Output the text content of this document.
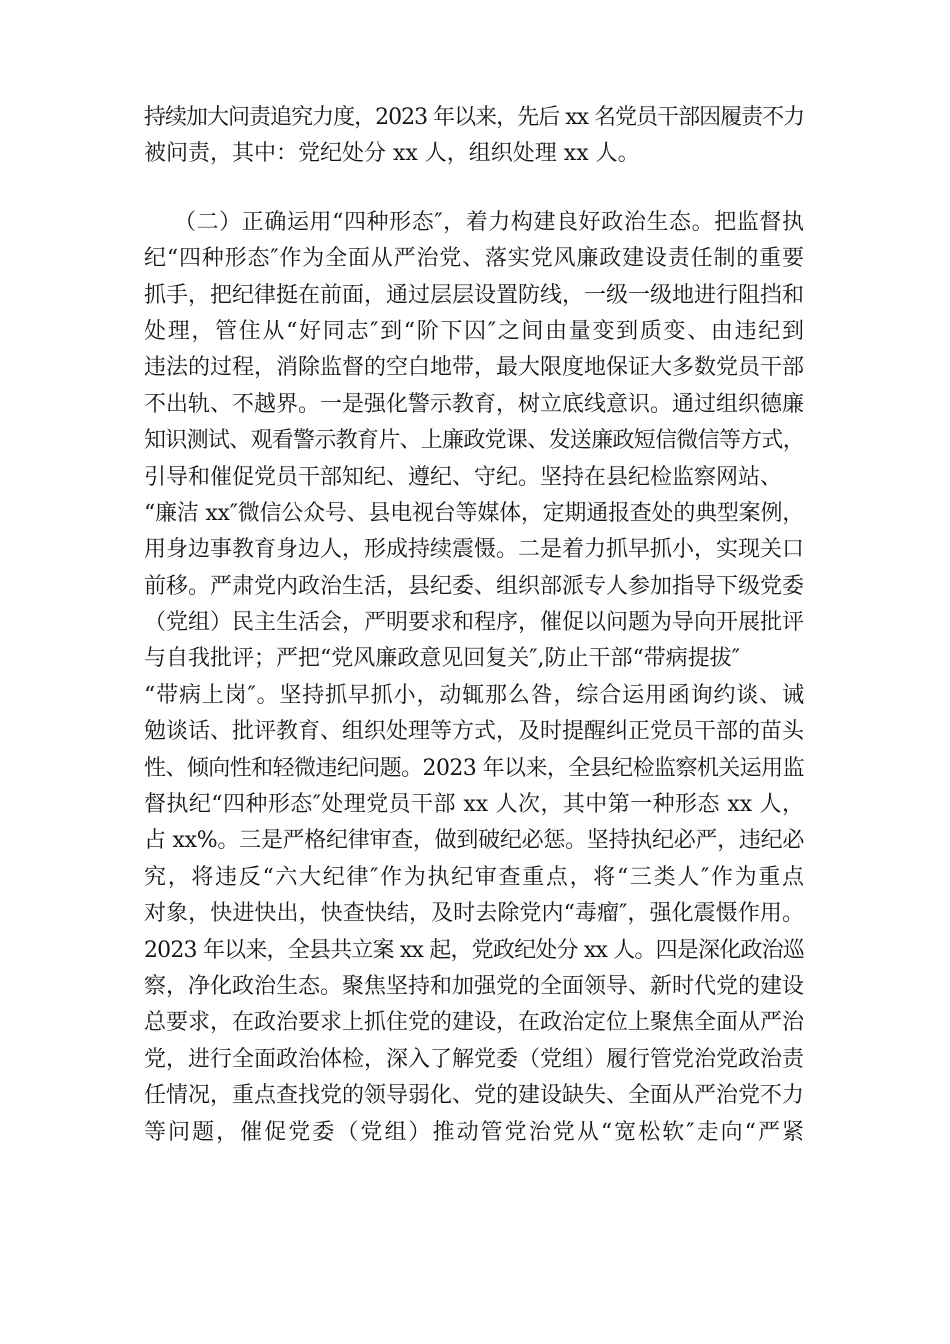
持续加大问责追究力度，2023 年以来，先后 xx 名党员干部因履责不力
被问责，其中：党纪处分 xx 人，组织处理 xx 人。
（二）正确运用“四种形态″，着力构建良好政治生态。把监督执
纪“四种形态″作为全面从严治党、落实党风廉政建设责任制的重要
抓手，把纪律挺在前面，通过层层设置防线，一级一级地进行阻挡和
处理，管住从“好同志″到“阶下囚″之间由量变到质变、由违纪到
违法的过程，消除监督的空白地带，最大限度地保证大多数党员干部
不出轨、不越界。一是强化警示教育，树立底线意识。通过组织德廉
知识测试、观看警示教育片、上廉政党课、发送廉政短信微信等方式，
引导和催促党员干部知纪、遵纪、守纪。坚持在县纪检监察网站、
“廉洁 xx″微信公众号、县电视台等媒体，定期通报查处的典型案例，
用身边事教育身边人，形成持续震慑。二是着力抓早抓小，实现关口
前移。严肃党内政治生活，县纪委、组织部派专人参加指导下级党委
（党组）民主生活会，严明要求和程序，催促以问题为导向开展批评
与自我批评；严把“党风廉政意见回复关″,防止干部“带病提拔″
“带病上岗″。坚持抓早抓小，动辄那么咎，综合运用函询约谈、诫
勉谈话、批评教育、组织处理等方式，及时提醒纠正党员干部的苗头
性、倾向性和轻微违纪问题。2023 年以来，全县纪检监察机关运用监
督执纪“四种形态″处理党员干部 xx 人次，其中第一种形态 xx 人，
占 xx%。三是严格纪律审查，做到破纪必惩。坚持执纪必严，违纪必
究，将违反“六大纪律″作为执纪审查重点，将“三类人″作为重点
对象，快进快出，快查快结，及时去除党内“毒瘤″，强化震慑作用。
2023 年以来，全县共立案 xx 起，党政纪处分 xx 人。四是深化政治巡
察，净化政治生态。聚焦坚持和加强党的全面领导、新时代党的建设
总要求，在政治要求上抓住党的建设，在政治定位上聚焦全面从严治
党，进行全面政治体检，深入了解党委（党组）履行管党治党政治责
任情况，重点查找党的领导弱化、党的建设缺失、全面从严治党不力
等问题，催促党委（党组）推动管党治党从“宽松软″走向“严紧
